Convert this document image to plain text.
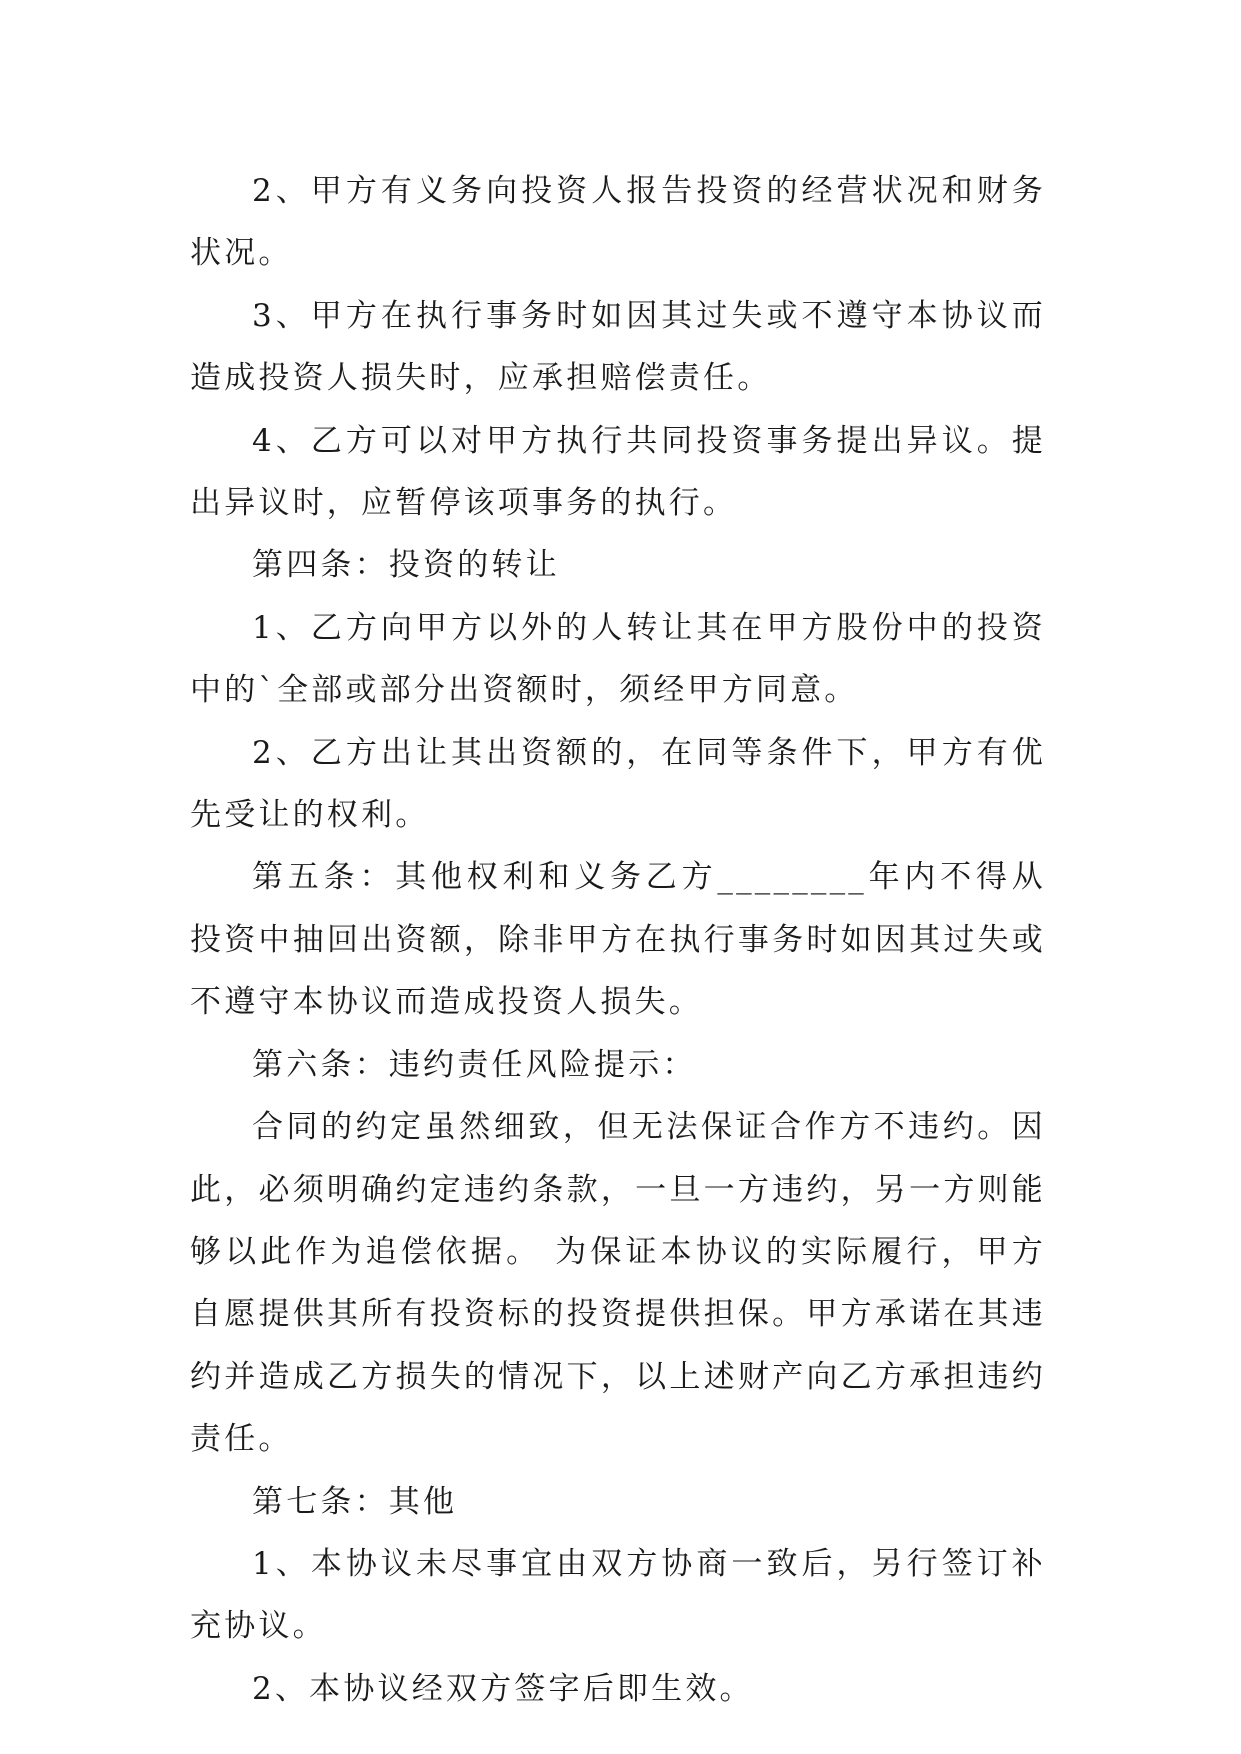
2、甲方有义务向投资人报告投资的经营状况和财务状况。

3、甲方在执行事务时如因其过失或不遵守本协议而造成投资人损失时，应承担赔偿责任。

4、乙方可以对甲方执行共同投资事务提出异议。提出异议时，应暂停该项事务的执行。

第四条：投资的转让

1、乙方向甲方以外的人转让其在甲方股份中的投资中的`全部或部分出资额时，须经甲方同意。

2、乙方出让其出资额的，在同等条件下，甲方有优先受让的权利。

第五条：其他权利和义务乙方________年内不得从投资中抽回出资额，除非甲方在执行事务时如因其过失或不遵守本协议而造成投资人损失。

第六条：违约责任风险提示：

合同的约定虽然细致，但无法保证合作方不违约。因此，必须明确约定违约条款，一旦一方违约，另一方则能够以此作为追偿依据。 为保证本协议的实际履行，甲方自愿提供其所有投资标的投资提供担保。甲方承诺在其违约并造成乙方损失的情况下，以上述财产向乙方承担违约责任。

第七条：其他

1、本协议未尽事宜由双方协商一致后，另行签订补充协议。

2、本协议经双方签字后即生效。
